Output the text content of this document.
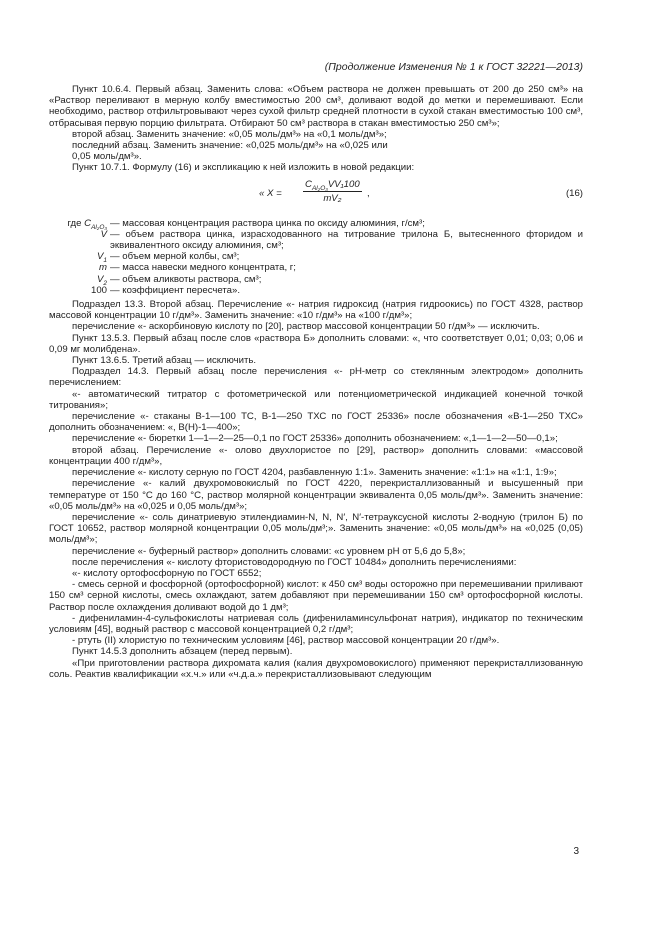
(Продолжение Изменения № 1 к ГОСТ 32221—2013)

Пункт 10.6.4. Первый абзац. Заменить слова: «Объем раствора не должен превышать от 200 до 250 см³» на «Раствор переливают в мерную колбу вместимостью 200 см³, доливают водой до метки и перемешивают. Если необходимо, раствор отфильтровывают через сухой фильтр средней плотности в сухой стакан вместимостью 100 см³, отбрасывая первую порцию фильтрата. Отбирают 50 см³ раствора в стакан вместимостью 250 см³»;

второй абзац. Заменить значение: «0,05 моль/дм³» на «0,1 моль/дм³»;

последний абзац. Заменить значение: «0,025 моль/дм³» на «0,025 или

0,05 моль/дм³».

Пункт 10.7.1. Формулу (16) и экспликацию к ней изложить в новой редакции:

« X =
$C_{Al_2O_3}VV_1100$
mV₂	,	(16)
где $C_{Al_2O_3}$ — массовая концентрация раствора цинка по оксиду алюминия, г/см³;
V — объем раствора цинка, израсходованного на титрование трилона Б, вытесненного фторидом и эквивалентного оксиду алюминия, см³;
$V_1$ — объем мерной колбы, см³;
m — масса навески медного концентрата, г;
$V_2$ — объем аликвоты раствора, см³;
100 — коэффициент пересчета».

Подраздел 13.3. Второй абзац. Перечисление «- натрия гидроксид (натрия гидроокись) по ГОСТ 4328, раствор массовой концентрации 10 г/дм³». Заменить значение: «10 г/дм³» на «100 г/дм³»;

перечисление «- аскорбиновую кислоту по [20], раствор массовой концентрации 50 г/дм³» — исключить.

Пункт 13.5.3. Первый абзац после слов «раствора Б» дополнить словами: «, что соответствует 0,01; 0,03; 0,06 и 0,09 мг молибдена».

Пункт 13.6.5. Третий абзац — исключить.

Подраздел 14.3. Первый абзац после перечисления «- pH-метр со стеклянным электродом» дополнить перечислением:

«- автоматический титратор с фотометрической или потенциометрической индикацией конечной точкой титрования»;

перечисление «- стаканы В-1—100 ТС, В-1—250 ТХС по ГОСТ 25336» после обозначения «В-1—250 ТХС» дополнить обозначением: «, В(Н)-1—400»;

перечисление «- бюретки 1—1—2—25—0,1 по ГОСТ 25336» дополнить обозначением: «,1—1—2—50—0,1»;

второй абзац. Перечисление «- олово двухлористое по [29], раствор» дополнить словами: «массовой концентрации 400 г/дм³»,

перечисление «- кислоту серную по ГОСТ 4204, разбавленную 1:1». Заменить значение: «1:1» на «1:1, 1:9»;

перечисление «- калий двухромовокислый по ГОСТ 4220, перекристаллизованный и высушенный при температуре от 150 °C до 160 °C, раствор молярной концентрации эквивалента 0,05 моль/дм³». Заменить значение: «0,05 моль/дм³» на «0,025 и 0,05 моль/дм³»;

перечисление «- соль динатриевую этилендиамин-N, N, N′, N′-тетрауксусной кислоты 2-водную (трилон Б) по ГОСТ 10652, раствор молярной концентрации 0,05 моль/дм³;». Заменить значение: «0,05 моль/дм³» на «0,025 (0,05) моль/дм³»;

перечисление «- буферный раствор» дополнить словами: «с уровнем pH от 5,6 до 5,8»;

после перечисления «- кислоту фтористоводородную по ГОСТ 10484» дополнить перечислениями:

«- кислоту ортофосфорную по ГОСТ 6552;

- смесь серной и фосфорной (ортофосфорной) кислот: к 450 см³ воды осторожно при перемешивании приливают 150 см³ серной кислоты, смесь охлаждают, затем добавляют при перемешивании 150 см³ ортофосфорной кислоты. Раствор после охлаждения доливают водой до 1 дм³;

- дифениламин-4-сульфокислоты натриевая соль (дифениламинсульфонат натрия), индикатор по техническим условиям [45], водный раствор с массовой концентрацией 0,2 г/дм³;

- ртуть (II) хлористую по техническим условиям [46], раствор массовой концентрации 20 г/дм³».

Пункт 14.5.3 дополнить абзацем (перед первым).

«При приготовлении раствора дихромата калия (калия двухромовокислого) применяют перекристаллизованную соль. Реактив квалификации «х.ч.» или «ч.д.а.» перекристаллизовывают следующим

3
